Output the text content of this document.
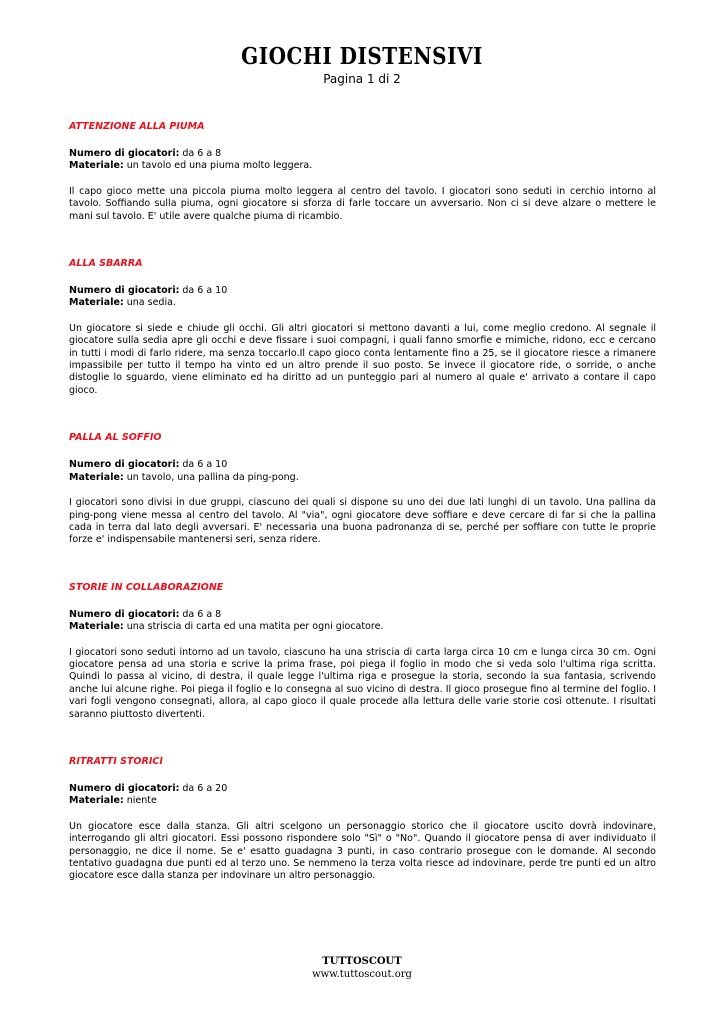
GIOCHI DISTENSIVI
Pagina 1 di 2
ATTENZIONE ALLA PIUMA
Numero di giocatori: da 6 a 8
Materiale: un tavolo ed una piuma molto leggera.

Il capo gioco mette una piccola piuma molto leggera al centro del tavolo. I giocatori sono seduti in cerchio intorno al tavolo. Soffiando sulla piuma, ogni giocatore si sforza di farle toccare un avversario. Non ci si deve alzare o mettere le mani sul tavolo. E' utile avere qualche piuma di ricambio.

ALLA SBARRA
Numero di giocatori: da 6 a 10
Materiale: una sedia.

Un giocatore si siede e chiude gli occhi. Gli altri giocatori si mettono davanti a lui, come meglio credono. Al segnale il giocatore sulla sedia apre gli occhi e deve fissare i suoi compagni, i quali fanno smorfie e mimiche, ridono, ecc e cercano in tutti i modi di farlo ridere, ma senza toccarlo.Il capo gioco conta lentamente fino a 25, se il giocatore riesce a rimanere impassibile per tutto il tempo ha vinto ed un altro prende il suo posto. Se invece il giocatore ride, o sorride, o anche distoglie lo sguardo, viene eliminato ed ha diritto ad un punteggio pari al numero al quale e' arrivato a contare il capo gioco.

PALLA AL SOFFIO
Numero di giocatori: da 6 a 10
Materiale: un tavolo, una pallina da ping-pong.

I giocatori sono divisi in due gruppi, ciascuno dei quali si dispone su uno dei due lati lunghi di un tavolo. Una pallina da ping-pong viene messa al centro del tavolo. Al "via", ogni giocatore deve soffiare e deve cercare di far si che la pallina cada in terra dal lato degli avversari. E' necessaria una buona padronanza di se, perché per soffiare con tutte le proprie forze e' indispensabile mantenersi seri, senza ridere.

STORIE IN COLLABORAZIONE
Numero di giocatori: da 6 a 8
Materiale: una striscia di carta ed una matita per ogni giocatore.

I giocatori sono seduti intorno ad un tavolo, ciascuno ha una striscia di carta larga circa 10 cm e lunga circa 30 cm. Ogni giocatore pensa ad una storia e scrive la prima frase, poi piega il foglio in modo che si veda solo l'ultima riga scritta. Quindi lo passa al vicino, di destra, il quale legge l'ultima riga e prosegue la storia, secondo la sua fantasia, scrivendo anche lui alcune righe. Poi piega il foglio e lo consegna al suo vicino di destra. Il gioco prosegue fino al termine del foglio. I vari fogli vengono consegnati, allora, al capo gioco il quale procede alla lettura delle varie storie così ottenute. I risultati saranno piuttosto divertenti.

RITRATTI STORICI
Numero di giocatori: da 6 a 20
Materiale: niente

Un giocatore esce dalla stanza. Gli altri scelgono un personaggio storico che il giocatore uscito dovrà indovinare, interrogando gli altri giocatori. Essi possono rispondere solo "Sì" o "No". Quando il giocatore pensa di aver individuato il personaggio, ne dice il nome. Se e' esatto guadagna 3 punti, in caso contrario prosegue con le domande. Al secondo tentativo guadagna due punti ed al terzo uno. Se nemmeno la terza volta riesce ad indovinare, perde tre punti ed un altro giocatore esce dalla stanza per indovinare un altro personaggio.

TUTTOSCOUT
www.tuttoscout.org
